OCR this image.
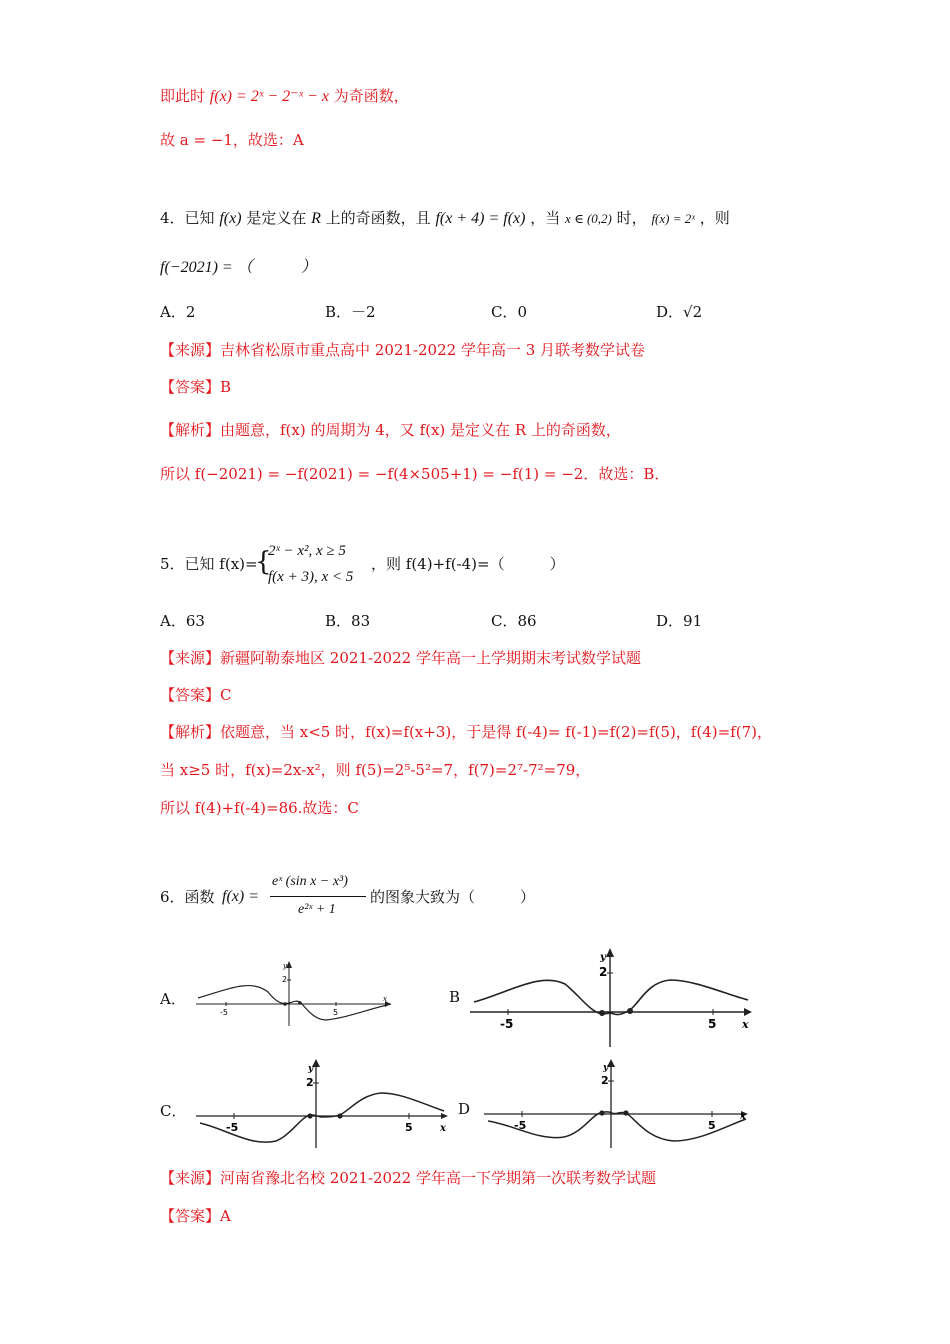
即此时 f(x) = 2ˣ − 2⁻ˣ − x 为奇函数，
故 a = −1，故选：A
4．已知 f(x) 是定义在 R 上的奇函数，且 f(x + 4) = f(x) ，当 x ∈ (0,2) 时， f(x) = 2ˣ ，则
f(−2021) = （　　　）
A．2	B．－2	C．0	D．√2
【来源】吉林省松原市重点高中 2021-2022 学年高一 3 月联考数学试卷
【答案】B
【解析】由题意，f(x) 的周期为 4，又 f(x) 是定义在 R 上的奇函数，
所以 f(−2021) = −f(2021) = −f(4×505+1) = −f(1) = −2．故选：B．
5．已知 f(x)=
{
2ˣ − x², x ≥ 5
f(x + 3), x < 5
，则 f(4)+f(-4)=（　　　）
A．63	B．83	C．86	D．91
【来源】新疆阿勒泰地区 2021-2022 学年高一上学期期末考试数学试题
【答案】C
【解析】依题意，当 x<5 时，f(x)=f(x+3)，于是得 f(-4)= f(-1)=f(2)=f(5)，f(4)=f(7)，
当 x≥5 时，f(x)=2x-x²，则 f(5)=2⁵-5²=7，f(7)=2⁷-7²=79，
所以 f(4)+f(-4)=86.故选：C
6．函数 f(x) =
eˣ (sin x − x³)
e²ˣ + 1
的图象大致为（　　　）
A．	B
C．	D
-5	5
2
y
x
-5	5
2
y
x
-5	5
2
y
x	-5	5
2
y
x
【来源】河南省豫北名校 2021-2022 学年高一下学期第一次联考数学试题
【答案】A
